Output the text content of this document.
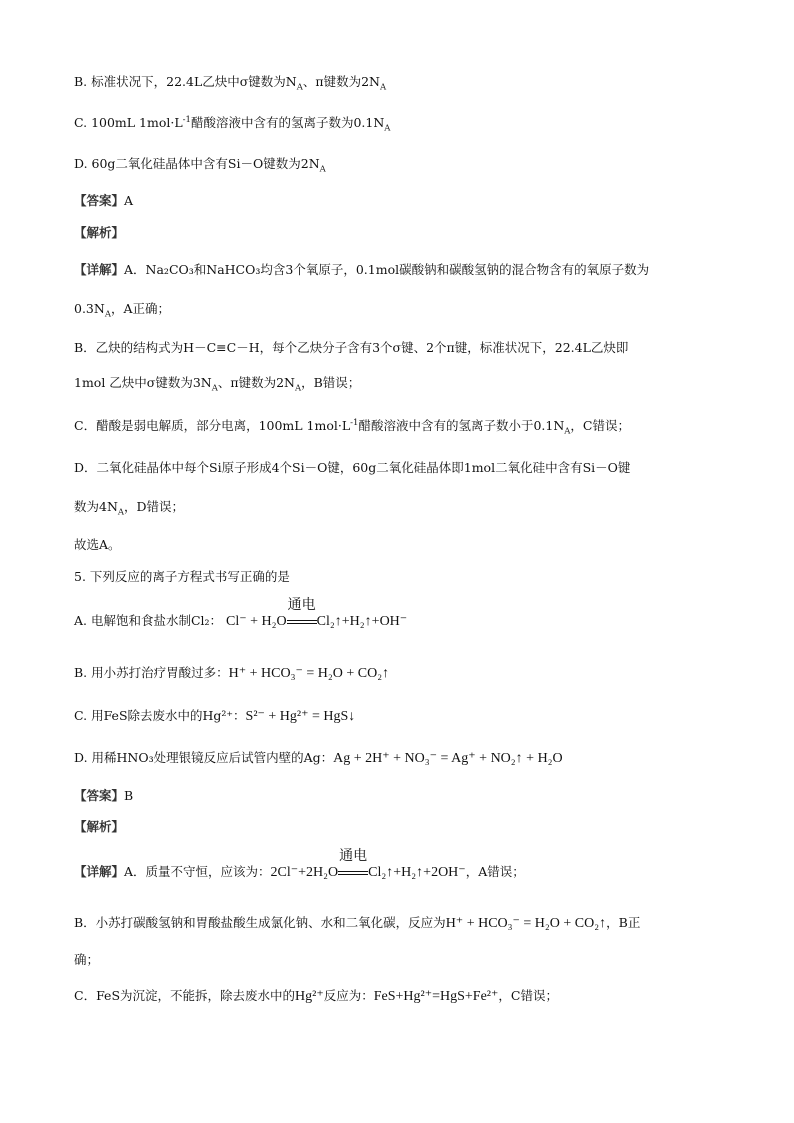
B. 标准状况下，22.4L乙炔中σ键数为$N_A$、π键数为$2N_A$
C. 100mL $1mol\cdot L^{-1}$醋酸溶液中含有的氢离子数为$0.1N_A$
D. 60g二氧化硅晶体中含有Si－O键数为$2N_A$
【答案】A
【解析】
【详解】A．Na₂CO₃和NaHCO₃均含3个氧原子，0.1mol碳酸钠和碳酸氢钠的混合物含有的氧原子数为
$0.3N_A$，A正确；
B．乙炔的结构式为H－C≡C－H，每个乙炔分子含有3个σ键、2个π键，标准状况下，22.4L乙炔即
1mol 乙炔中σ键数为$3N_A$、π键数为$2N_A$，B错误；
C．醋酸是弱电解质，部分电离，100mL $1mol\cdot L^{-1}$醋酸溶液中含有的氢离子数小于$0.1N_A$，C错误；
D．二氧化硅晶体中每个Si原子形成4个Si－O键，60g二氧化硅晶体即1mol二氧化硅中含有Si－O键
数为$4N_A$，D错误；
故选A。
5. 下列反应的离子方程式书写正确的是
A. 电解饱和食盐水制Cl₂： Cl⁻ + H₂O
通电
Cl₂↑+H₂↑+OH⁻
B. 用小苏打治疗胃酸过多：H⁺ + HCO₃⁻ = H₂O + CO₂↑
C. 用FeS除去废水中的Hg²⁺：S²⁻ + Hg²⁺ = HgS↓
D. 用稀HNO₃处理银镜反应后试管内壁的Ag：Ag + 2H⁺ + NO₃⁻ = Ag⁺ + NO₂↑ + H₂O
【答案】B
【解析】
【详解】A．质量不守恒，应该为：2Cl⁻+2H₂O
通电
Cl₂↑+H₂↑+2OH⁻，A错误；
B．小苏打碳酸氢钠和胃酸盐酸生成氯化钠、水和二氧化碳，反应为H⁺ + HCO₃⁻ = H₂O + CO₂↑，B正
确；
C．FeS为沉淀，不能拆，除去废水中的Hg²⁺反应为：FeS+Hg²⁺=HgS+Fe²⁺，C错误；
